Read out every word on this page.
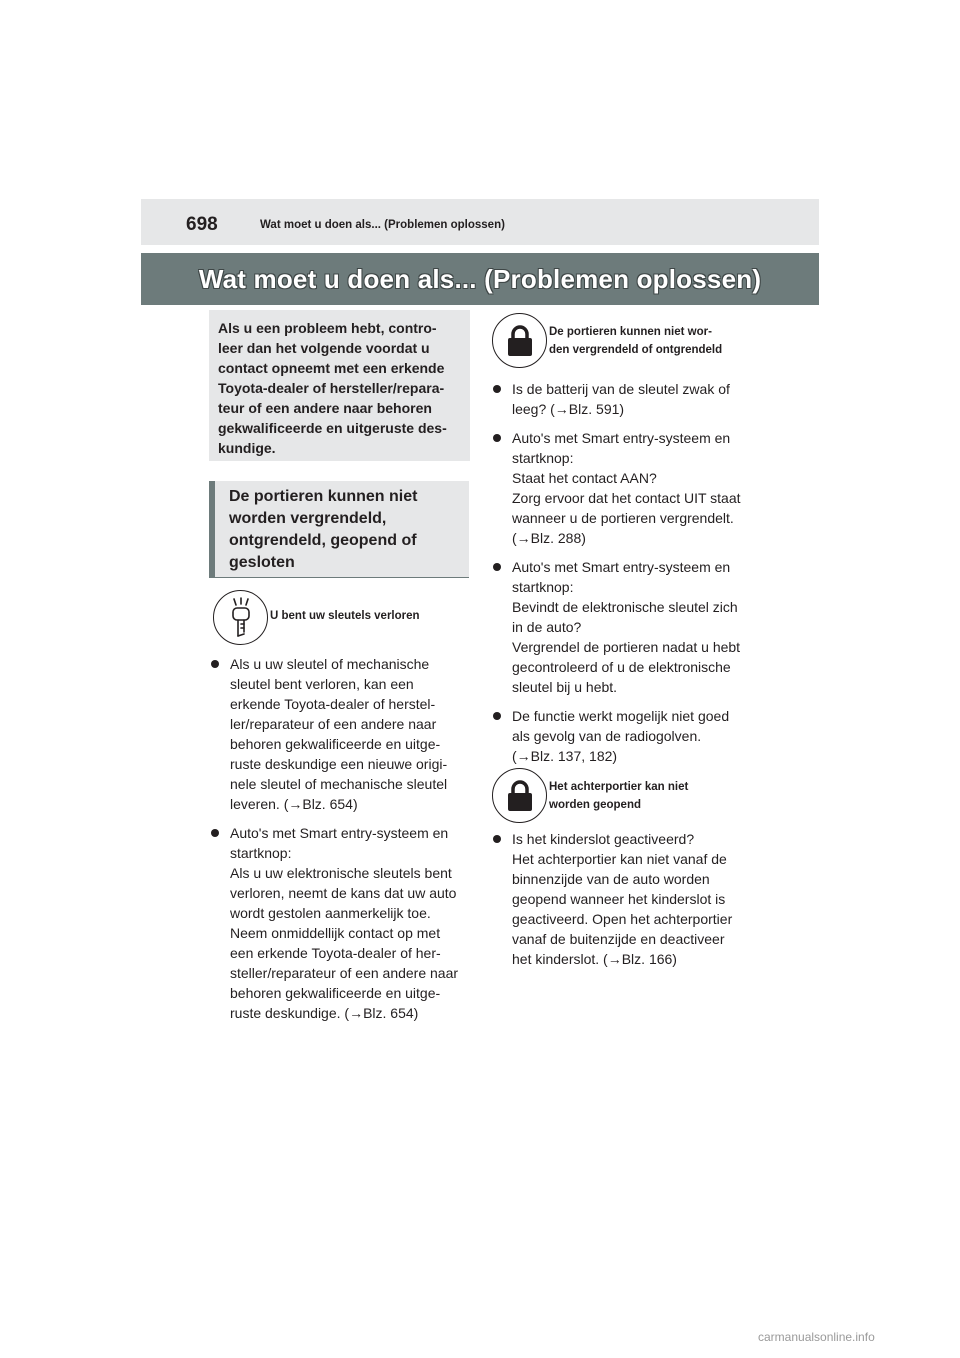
698	Wat moet u doen als... (Problemen oplossen)
Wat moet u doen als... (Problemen oplossen)
Als u een probleem hebt, contro-
leer dan het volgende voordat u
contact opneemt met een erkende
Toyota-dealer of hersteller/repara-
teur of een andere naar behoren
gekwalificeerde en uitgeruste des-
kundige.
De portieren kunnen niet
worden vergrendeld,
ontgrendeld, geopend of
gesloten
U bent uw sleutels verloren
Als u uw sleutel of mechanische
sleutel bent verloren, kan een
erkende Toyota-dealer of herstel-
ler/reparateur of een andere naar
behoren gekwalificeerde en uitge-
ruste deskundige een nieuwe origi-
nele sleutel of mechanische sleutel
leveren. (→Blz. 654)
Auto's met Smart entry-systeem en
startknop:
Als u uw elektronische sleutels bent
verloren, neemt de kans dat uw auto
wordt gestolen aanmerkelijk toe.
Neem onmiddellijk contact op met
een erkende Toyota-dealer of her-
steller/reparateur of een andere naar
behoren gekwalificeerde en uitge-
ruste deskundige. (→Blz. 654)
De portieren kunnen niet wor-
den vergrendeld of ontgrendeld
Is de batterij van de sleutel zwak of
leeg? (→Blz. 591)
Auto's met Smart entry-systeem en
startknop:
Staat het contact AAN?
Zorg ervoor dat het contact UIT staat
wanneer u de portieren vergrendelt.
(→Blz. 288)
Auto's met Smart entry-systeem en
startknop:
Bevindt de elektronische sleutel zich
in de auto?
Vergrendel de portieren nadat u hebt
gecontroleerd of u de elektronische
sleutel bij u hebt.
De functie werkt mogelijk niet goed
als gevolg van de radiogolven.
(→Blz. 137, 182)
Het achterportier kan niet
worden geopend
Is het kinderslot geactiveerd?
Het achterportier kan niet vanaf de
binnenzijde van de auto worden
geopend wanneer het kinderslot is
geactiveerd. Open het achterportier
vanaf de buitenzijde en deactiveer
het kinderslot. (→Blz. 166)
carmanualsonline.info
